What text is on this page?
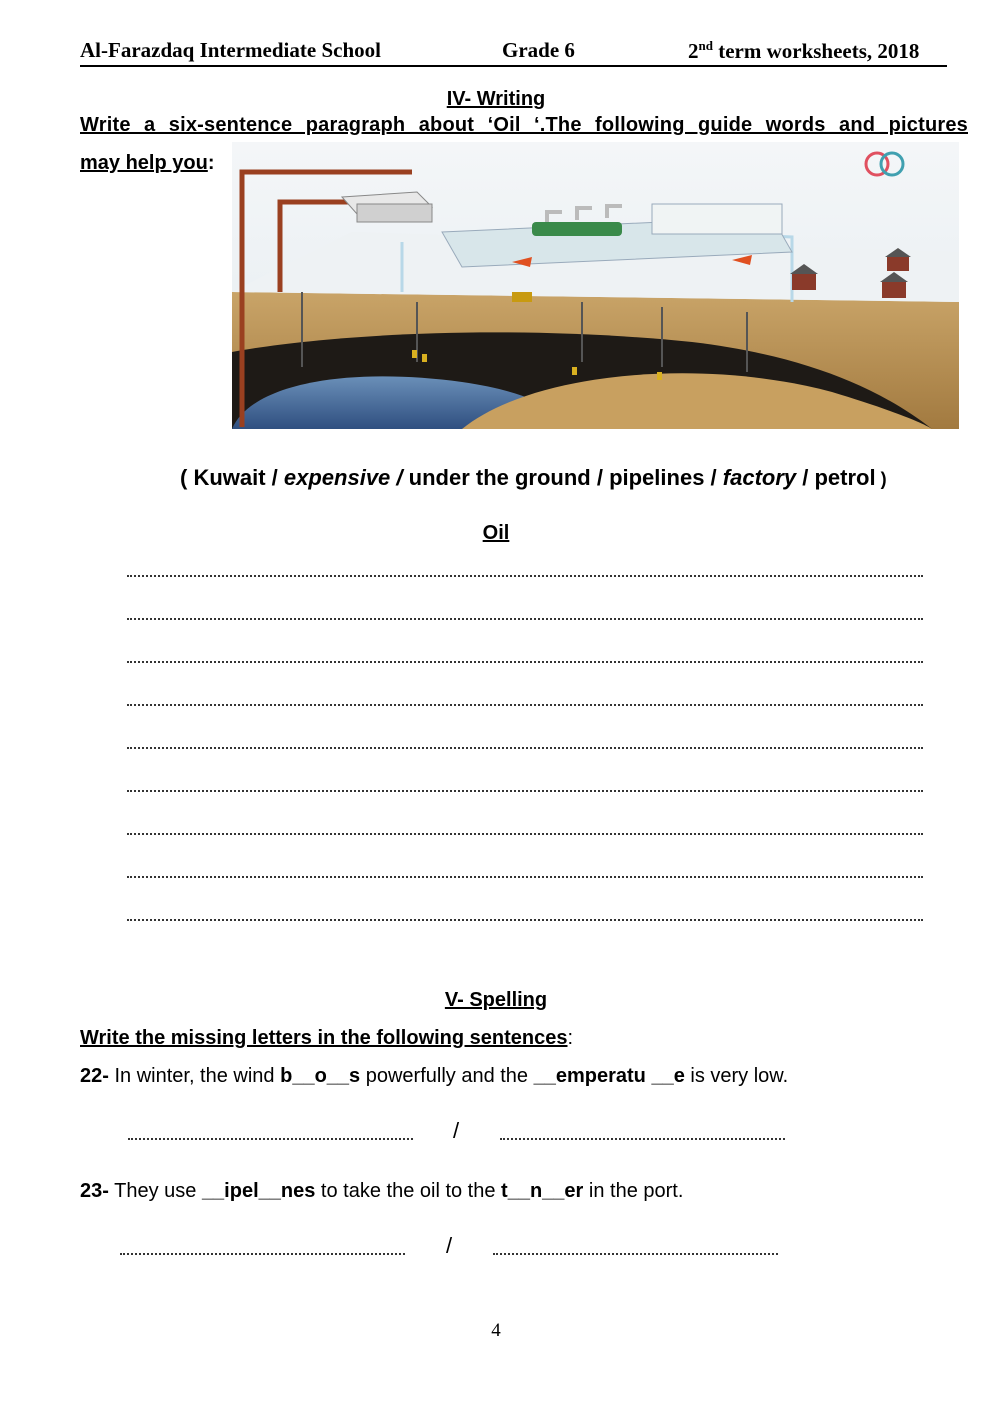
Al-Farazdaq Intermediate School	Grade 6	2nd term worksheets, 2018
IV- Writing
Write a six-sentence paragraph about ‘Oil ‘.The following guide words and pictures
may help you:
( Kuwait / expensive / under the ground / pipelines / factory / petrol )
Oil
V- Spelling
Write the missing letters in the following sentences:
22- In winter, the wind b__o__s powerfully and the __emperatu __e is very low.
/
23- They use __ipel__nes to take the oil to the t__n__er in the port.
/
4
